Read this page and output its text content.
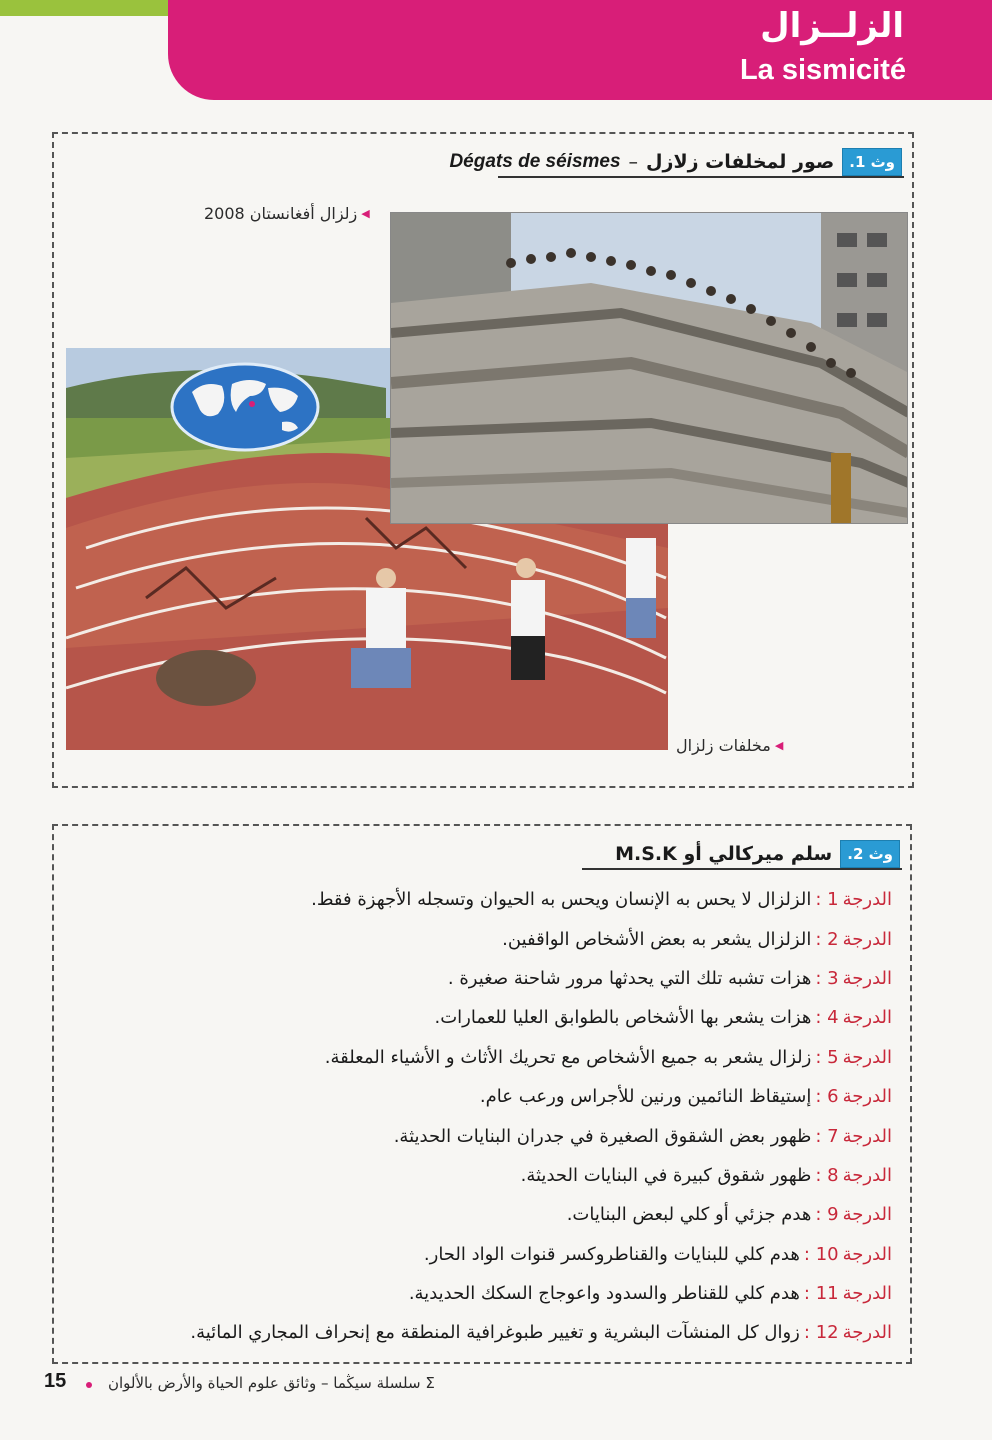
الزلــزال
La sismicité
وث 1.
صور لمخلفات زلازل
–
Dégats de séismes
◀
زلزال أفغانستان 2008
◀
مخلفات زلزال
وث 2.
سلم ميركالي أو M.S.K
الدرجة
1 :
الزلزال لا يحس به الإنسان ويحس به الحيوان وتسجله الأجهزة فقط.
الدرجة
2 :
الزلزال يشعر به بعض الأشخاص الواقفين.
الدرجة
3 :
هزات تشبه تلك التي يحدثها مرور شاحنة صغيرة .
الدرجة
4 :
هزات يشعر بها الأشخاص بالطوابق العليا للعمارات.
الدرجة
5 :
زلزال يشعر به جميع الأشخاص مع تحريك الأثاث و الأشياء المعلقة.
الدرجة
6 :
إستيقاظ النائمين ورنين للأجراس ورعب عام.
الدرجة
7 :
ظهور بعض الشقوق الصغيرة في جدران البنايات الحديثة.
الدرجة
8 :
ظهور شقوق كبيرة في البنايات الحديثة.
الدرجة
9 :
هدم جزئي أو كلي لبعض البنايات.
الدرجة
10 :
هدم كلي للبنايات والقناطروكسر قنوات الواد الحار.
الدرجة
11 :
هدم كلي للقناطر والسدود واعوجاج السكك الحديدية.
الدرجة
12 :
زوال كل المنشآت البشرية و تغيير طبوغرافية المنطقة مع إنحراف المجاري المائية.
15	Σ سلسلة سيڭما – وثائق علوم الحياة والأرض بالألوان
